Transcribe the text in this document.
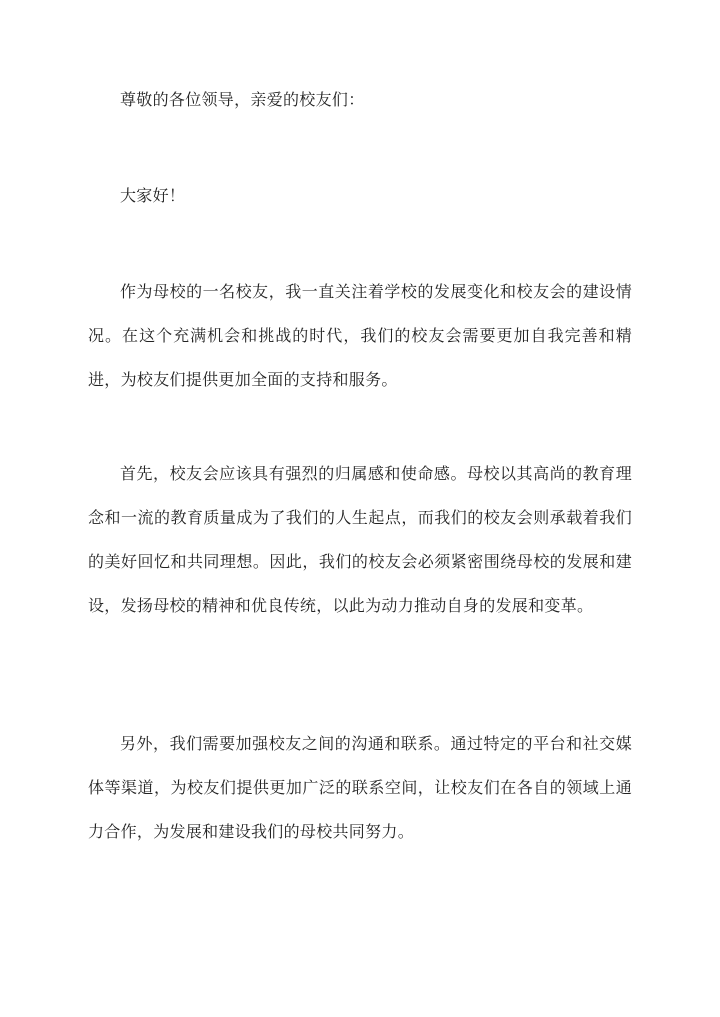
尊敬的各位领导，亲爱的校友们：

大家好！

作为母校的一名校友，我一直关注着学校的发展变化和校友会的建设情况。在这个充满机会和挑战的时代，我们的校友会需要更加自我完善和精进，为校友们提供更加全面的支持和服务。

首先，校友会应该具有强烈的归属感和使命感。母校以其高尚的教育理念和一流的教育质量成为了我们的人生起点，而我们的校友会则承载着我们的美好回忆和共同理想。因此，我们的校友会必须紧密围绕母校的发展和建设，发扬母校的精神和优良传统，以此为动力推动自身的发展和变革。

另外，我们需要加强校友之间的沟通和联系。通过特定的平台和社交媒体等渠道，为校友们提供更加广泛的联系空间，让校友们在各自的领域上通力合作，为发展和建设我们的母校共同努力。
